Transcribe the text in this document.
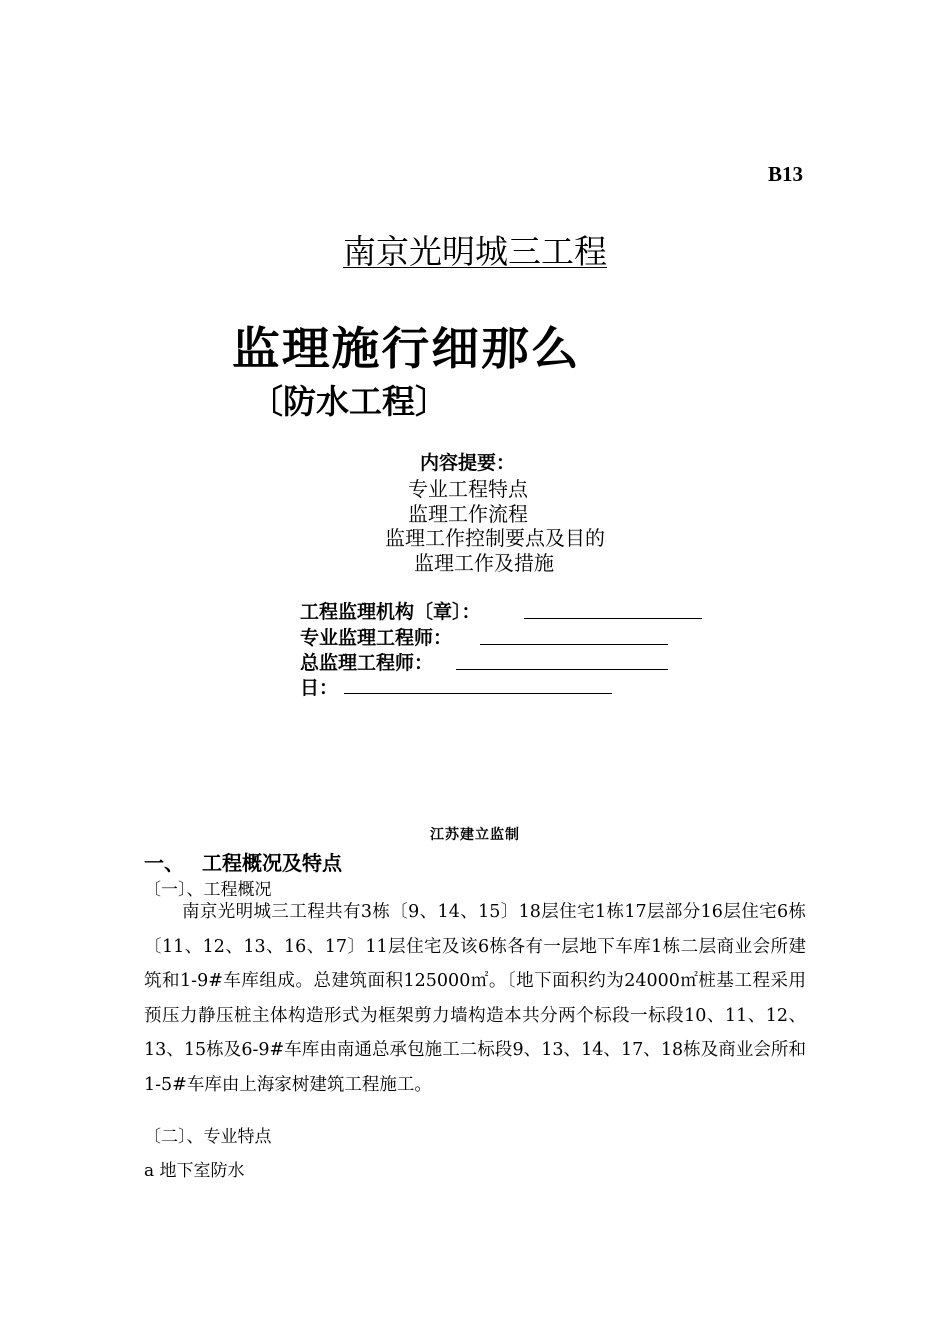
B13
南京光明城三工程
监理施行细那么
〔防水工程〕
内容提要：
专业工程特点
监理工作流程
监理工作控制要点及目的
监理工作及措施
工程监理机构〔章〕：
专业监理工程师：
总监理工程师：
日：
江苏建立监制
一、 工程概况及特点
〔一〕、工程概况
南京光明城三工程共有3栋〔9、14、15〕18层住宅1栋17层部分16层住宅6栋〔11、12、13、16、17〕11层住宅及该6栋各有一层地下车库1栋二层商业会所建筑和1-9#车库组成。总建筑面积125000㎡。〔地下面积约为24000㎡桩基工程采用预压力静压桩主体构造形式为框架剪力墙构造本共分两个标段一标段10、11、12、13、15栋及6-9#车库由南通总承包施工二标段9、13、14、17、18栋及商业会所和1-5#车库由上海家树建筑工程施工。
〔二〕、专业特点
a 地下室防水
